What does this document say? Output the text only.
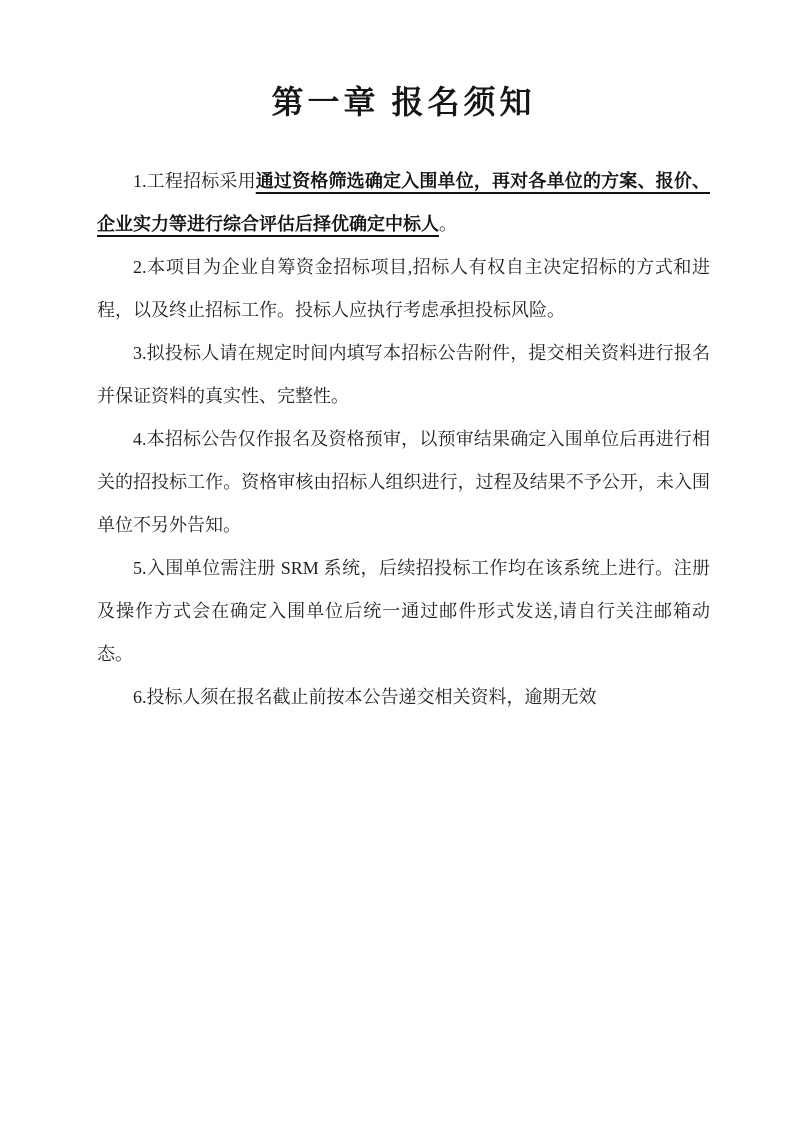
第一章 报名须知

1.工程招标采用通过资格筛选确定入围单位，再对各单位的方案、报价、企业实力等进行综合评估后择优确定中标人。

2.本项目为企业自筹资金招标项目,招标人有权自主决定招标的方式和进程，以及终止招标工作。投标人应执行考虑承担投标风险。

3.拟投标人请在规定时间内填写本招标公告附件，提交相关资料进行报名并保证资料的真实性、完整性。

4.本招标公告仅作报名及资格预审，以预审结果确定入围单位后再进行相关的招投标工作。资格审核由招标人组织进行，过程及结果不予公开，未入围单位不另外告知。

5.入围单位需注册 SRM 系统，后续招投标工作均在该系统上进行。注册及操作方式会在确定入围单位后统一通过邮件形式发送,请自行关注邮箱动态。

6.投标人须在报名截止前按本公告递交相关资料，逾期无效
